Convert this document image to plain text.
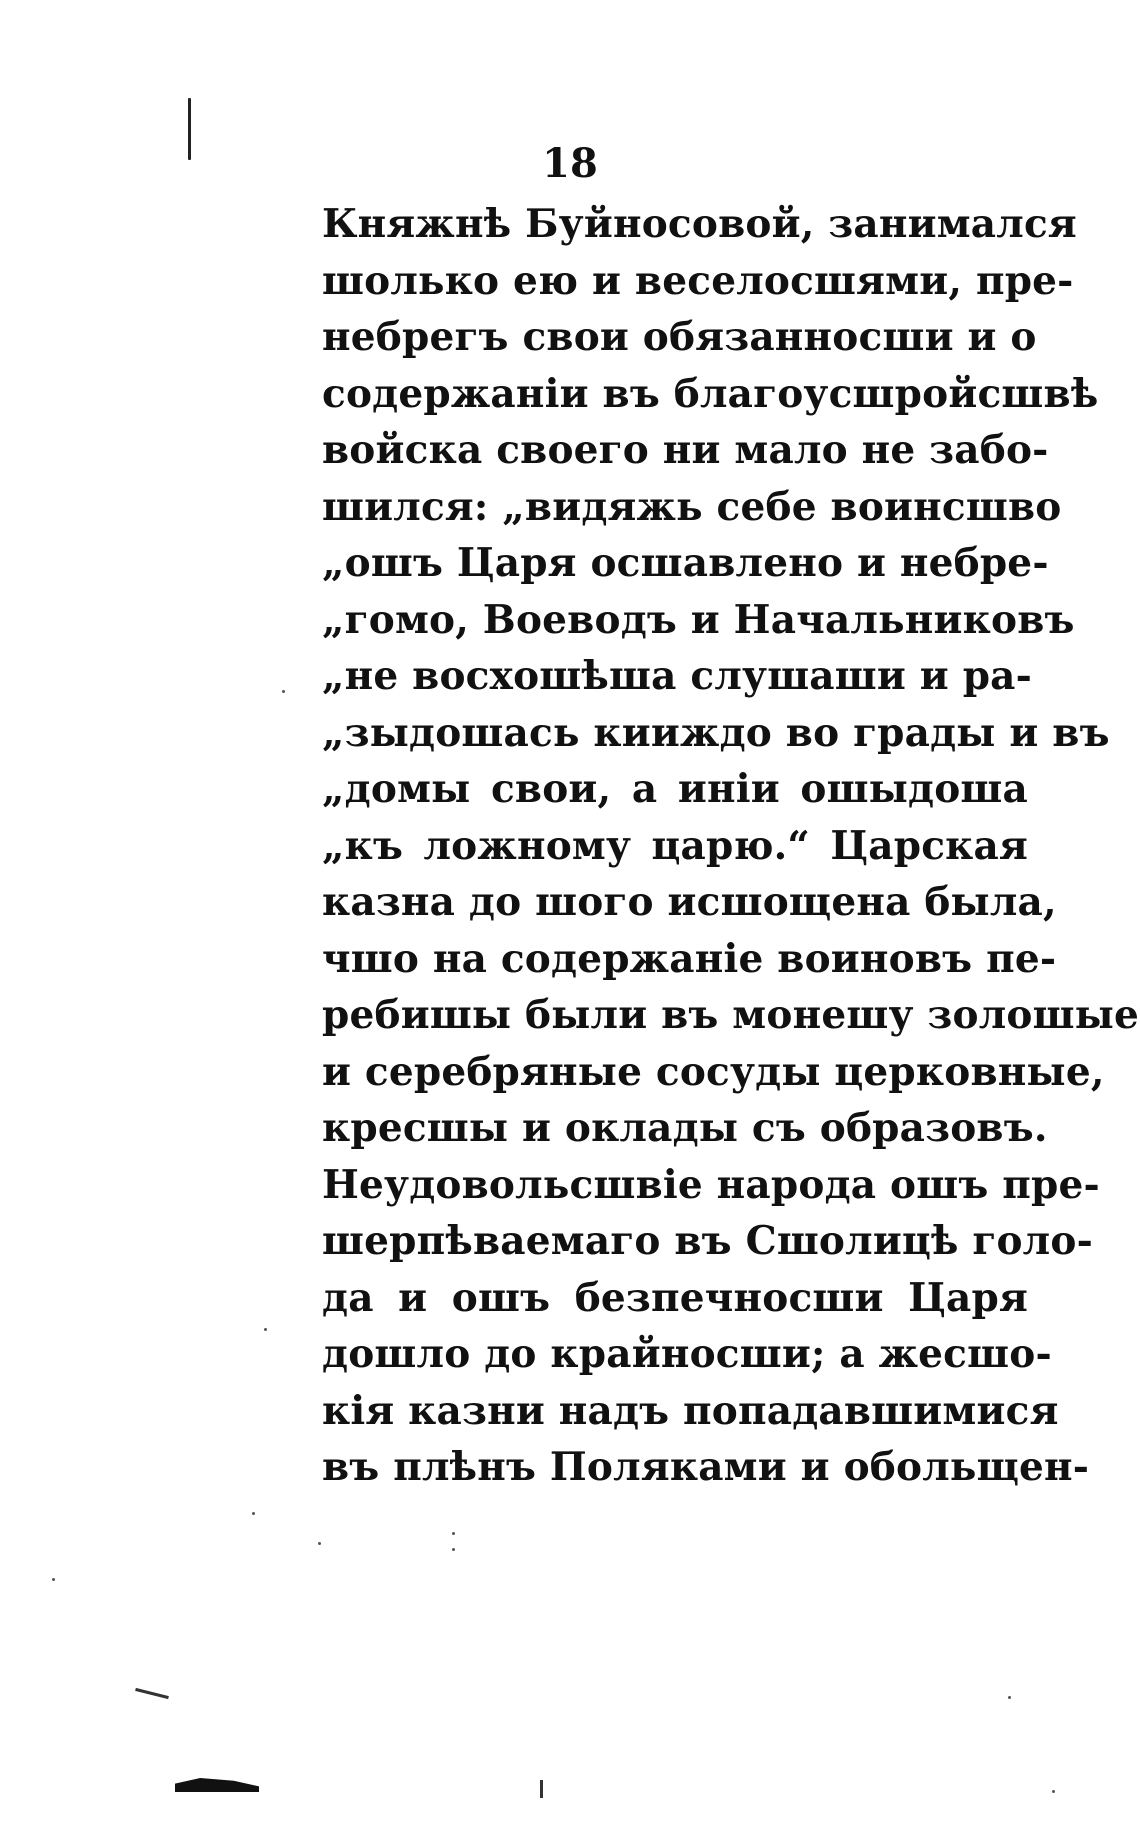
18
Княжнѣ Буйносовой, занимался
шолько ею и веселосшями, пре-
небрегъ свои обязанносши и о
содержаніи въ благоусшройсшвѣ
войска своего ни мало не забо-
шился: „видяжь себе воинсшво
„ошъ Царя осшавлено и небре-
„гомо, Воеводъ и Начальниковъ
„не восхошѣша слушаши и ра-
„зыдошась кииждо во грады и въ
„домы свои, а иніи ошыдоша
„къ ложному царю.“ Царская
казна до шого исшощена была,
чшо на содержаніе воиновъ пе-
ребишы были въ монешу золошые
и серебряные сосуды церковные,
кресшы и оклады съ образовъ.
Неудовольсшвіе народа ошъ пре-
шерпѣваемаго въ Сшолицѣ голо-
да и ошъ безпечносши Царя
дошло до крайносши; а жесшо-
кія казни надъ попадавшимися
въ плѣнъ Поляками и обольщен-
